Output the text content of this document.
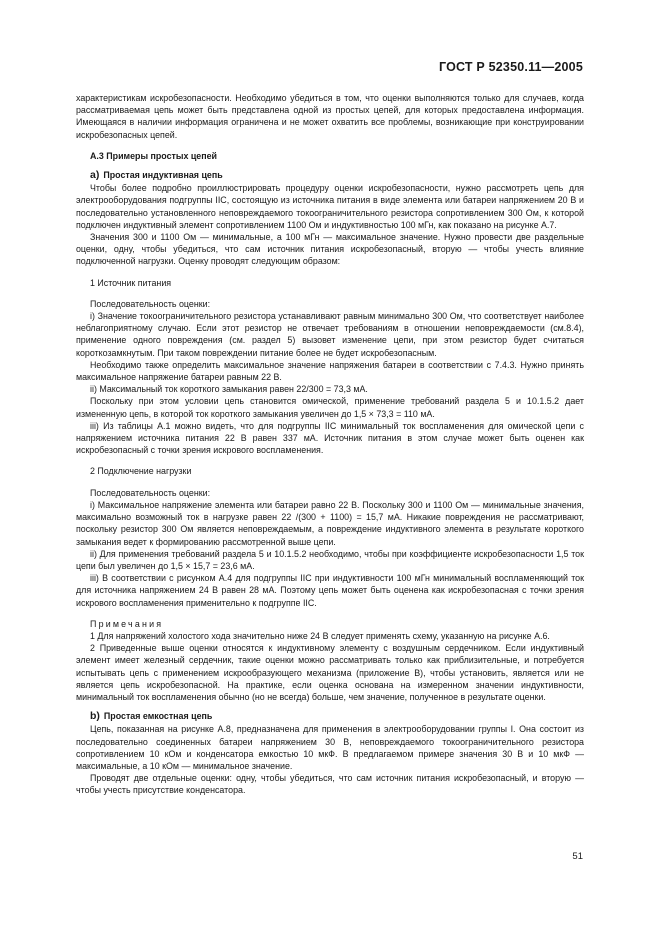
ГОСТ Р 52350.11—2005

характеристикам искробезопасности. Необходимо убедиться в том, что оценки выполняются только для случаев, когда рассматриваемая цепь может быть представлена одной из простых цепей, для которых предоставлена информация. Имеющаяся в наличии информация ограничена и не может охватить все проблемы, возникающие при конструировании искробезопасных цепей.

А.3 Примеры простых цепей
a) Простая индуктивная цепь

Чтобы более подробно проиллюстрировать процедуру оценки искробезопасности, нужно рассмотреть цепь для электрооборудования подгруппы IIC, состоящую из источника питания в виде элемента или батареи напряжением 20 В и последовательно установленного неповреждаемого токоограничительного резистора сопротивлением 300 Ом, к которой подключен индуктивный элемент сопротивлением 1100 Ом и индуктивностью 100 мГн, как показано на рисунке А.7.

Значения 300 и 1100 Ом — минимальные, а 100 мГн — максимальное значение. Нужно провести две раздельные оценки, одну, чтобы убедиться, что сам источник питания искробезопасный, вторую — чтобы учесть влияние подключенной нагрузки. Оценку проводят следующим образом:

1 Источник питания

Последовательность оценки:

i) Значение токоограничительного резистора устанавливают равным минимально 300 Ом, что соответствует наиболее неблагоприятному случаю. Если этот резистор не отвечает требованиям в отношении неповреждаемости (см.8.4), применение одного повреждения (см. раздел 5) вызовет изменение цепи, при этом резистор будет считаться короткозамкнутым. При таком повреждении питание более не будет искробезопасным.

Необходимо также определить максимальное значение напряжения батареи в соответствии с 7.4.3. Нужно принять максимальное напряжение батареи равным 22 В.

ii) Максимальный ток короткого замыкания равен 22/300 = 73,3 мА.

Поскольку при этом условии цепь становится омической, применение требований раздела 5 и 10.1.5.2 дает измененную цепь, в которой ток короткого замыкания увеличен до 1,5 × 73,3 = 110 мА.

iii) Из таблицы А.1 можно видеть, что для подгруппы IIC минимальный ток воспламенения для омической цепи с напряжением источника питания 22 В равен 337 мА. Источник питания в этом случае может быть оценен как искробезопасный с точки зрения искрового воспламенения.

2 Подключение нагрузки

Последовательность оценки:

i) Максимальное напряжение элемента или батареи равно 22 В. Поскольку 300 и 1100 Ом — минимальные значения, максимально возможный ток в нагрузке равен 22 /(300 + 1100) = 15,7 мА. Никакие повреждения не рассматривают, поскольку резистор 300 Ом является неповреждаемым, а повреждение индуктивного элемента в результате короткого замыкания ведет к формированию рассмотренной выше цепи.

ii) Для применения требований раздела 5 и 10.1.5.2 необходимо, чтобы при коэффициенте искробезопасности 1,5 ток цепи был увеличен до 1,5 × 15,7 = 23,6 мА.

iii) В соответствии с рисунком А.4 для подгруппы IIC при индуктивности 100 мГн минимальный воспламеняющий ток для источника напряжением 24 В равен 28 мА. Поэтому цепь может быть оценена как искробезопасная с точки зрения искрового воспламенения применительно к подгруппе IIC.

Примечания

1 Для напряжений холостого хода значительно ниже 24 В следует применять схему, указанную на рисунке А.6.

2 Приведенные выше оценки относятся к индуктивному элементу с воздушным сердечником. Если индуктивный элемент имеет железный сердечник, такие оценки можно рассматривать только как приблизительные, и потребуется испытывать цепь с применением искрообразующего механизма (приложение В), чтобы установить, является или не является цепь искробезопасной. На практике, если оценка основана на измеренном значении индуктивности, минимальный ток воспламенения обычно (но не всегда) больше, чем значение, полученное в результате оценки.

b) Простая емкостная цепь

Цепь, показанная на рисунке А.8, предназначена для применения в электрооборудовании группы I. Она состоит из последовательно соединенных батареи напряжением 30 В, неповреждаемого токоограничительного резистора сопротивлением 10 кОм и конденсатора емкостью 10 мкФ. В предлагаемом примере значения 30 В и 10 мкФ — максимальные, а 10 кОм — минимальное значение.

Проводят две отдельные оценки: одну, чтобы убедиться, что сам источник питания искробезопасный, и вторую — чтобы учесть присутствие конденсатора.

51
